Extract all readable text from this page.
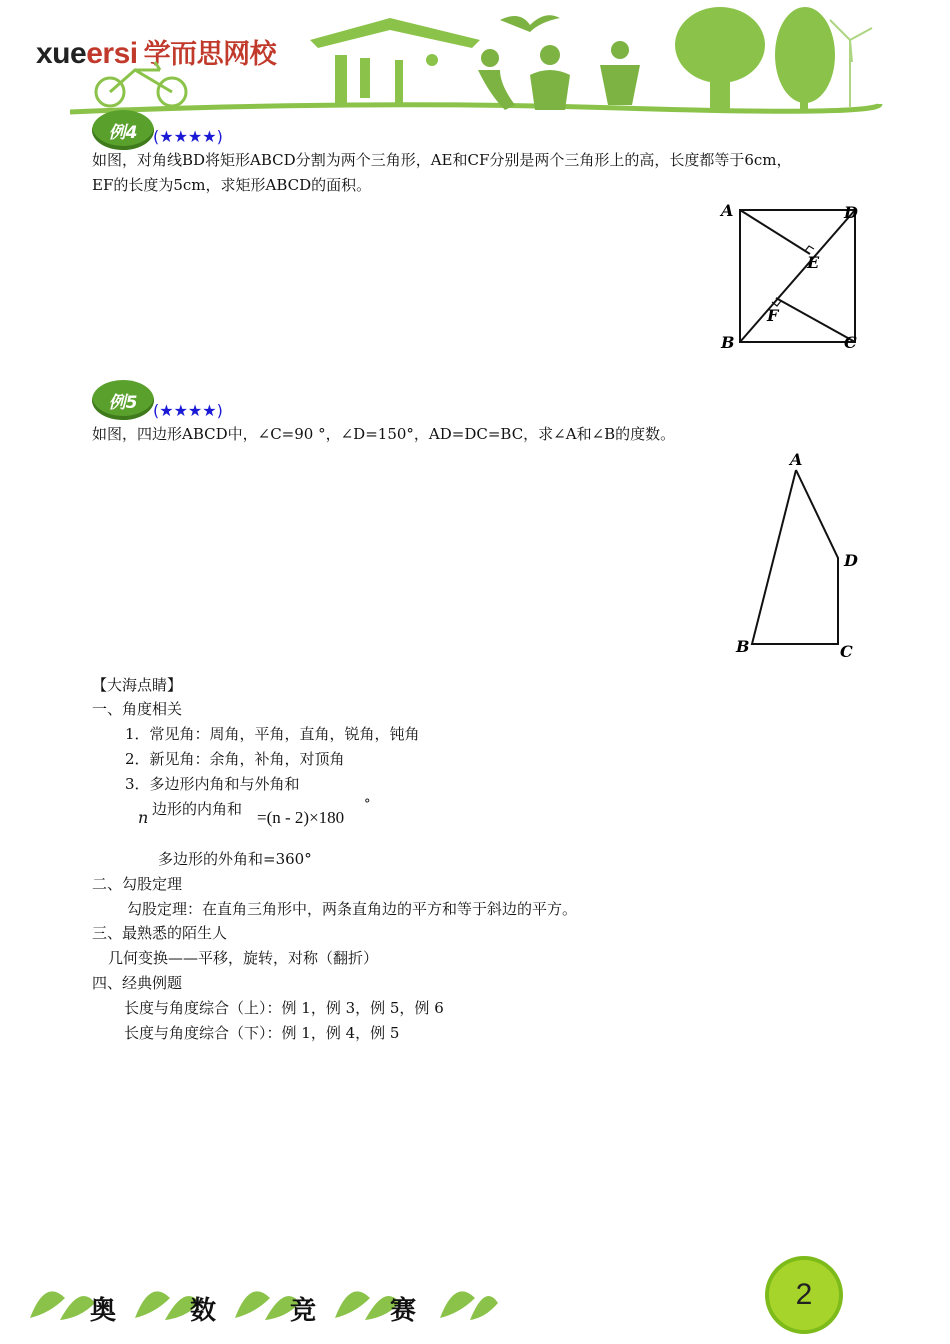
xueersi 学而思网校
例4 (★★★★)
如图，对角线BD将矩形ABCD分割为两个三角形，AE和CF分别是两个三角形上的高，长度都等于6cm，
EF的长度为5cm，求矩形ABCD的面积。
A	D
B	C
E
F
例5 (★★★★)
如图，四边形ABCD中，∠C=90 °，∠D=150°，AD=DC=BC，求∠A和∠B的度数。
A
D
B	C
【大海点睛】
一、角度相关
1．常见角：周角，平角，直角，锐角，钝角
2．新见角：余角，补角，对顶角
3．多边形内角和与外角和
n 边形的内角和 =(n - 2)×180
°
多边形的外角和=360°
二、勾股定理
勾股定理：在直角三角形中，两条直角边的平方和等于斜边的平方。
三、最熟悉的陌生人
几何变换——平移，旋转，对称（翻折）
四、经典例题
长度与角度综合（上）：例 1，例 3，例 5，例 6
长度与角度综合（下）：例 1，例 4，例 5
奥	数	竞	赛	2
